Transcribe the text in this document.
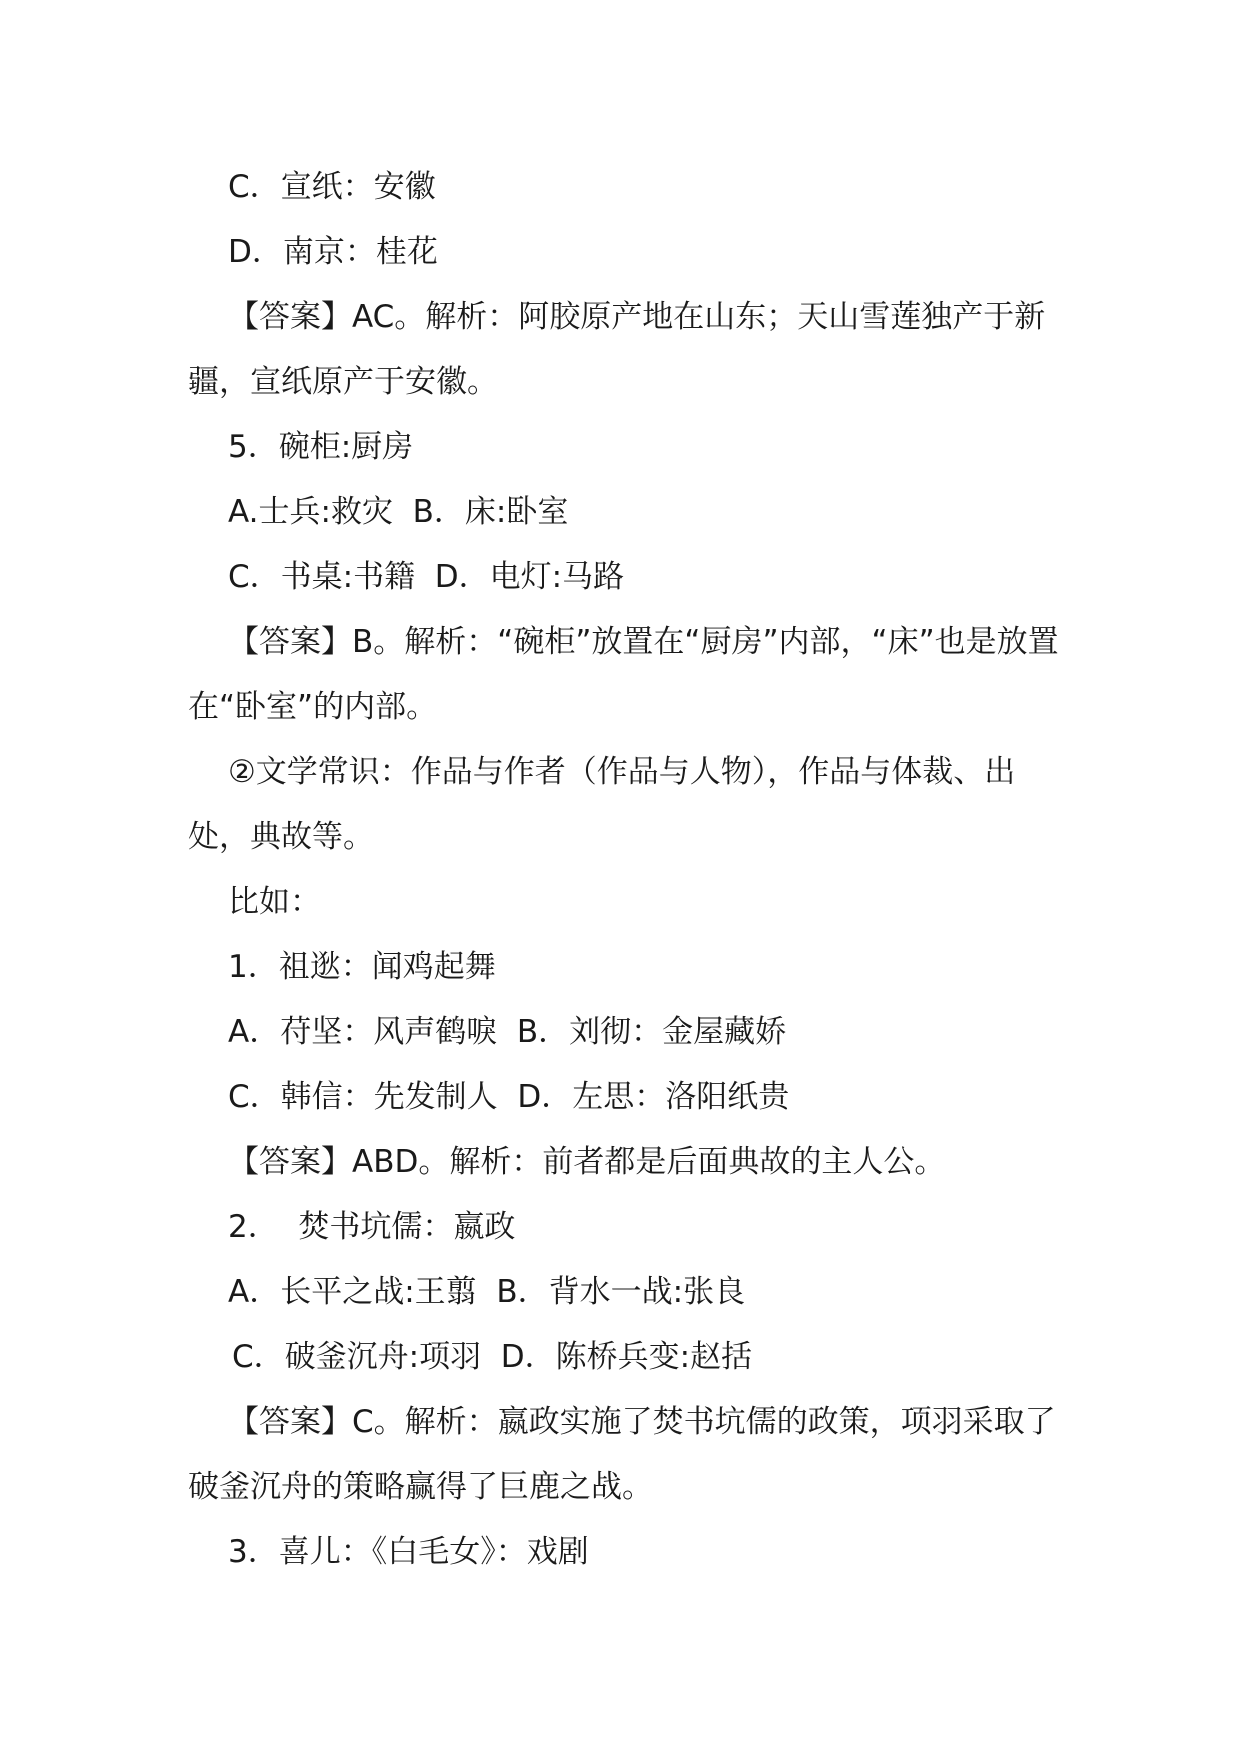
C．宣纸：安徽

D．南京：桂花

【答案】AC。解析：阿胶原产地在山东；天山雪莲独产于新疆，宣纸原产于安徽。

5．碗柜:厨房

A.士兵:救灾  B．床:卧室

C．书桌:书籍  D．电灯:马路

【答案】B。解析：“碗柜”放置在“厨房”内部，“床”也是放置在“卧室”的内部。

②文学常识：作品与作者（作品与人物），作品与体裁、出处，典故等。

比如：

1．祖逖：闻鸡起舞

A．苻坚：风声鹤唳  B．刘彻：金屋藏娇

C．韩信：先发制人  D．左思：洛阳纸贵

【答案】ABD。解析：前者都是后面典故的主人公。

2．  焚书坑儒：嬴政

A．长平之战:王翦  B．背水一战:张良

C．破釜沉舟:项羽  D．陈桥兵变:赵括

【答案】C。解析：嬴政实施了焚书坑儒的政策，项羽采取了破釜沉舟的策略赢得了巨鹿之战。

3．喜儿：《白毛女》：戏剧
